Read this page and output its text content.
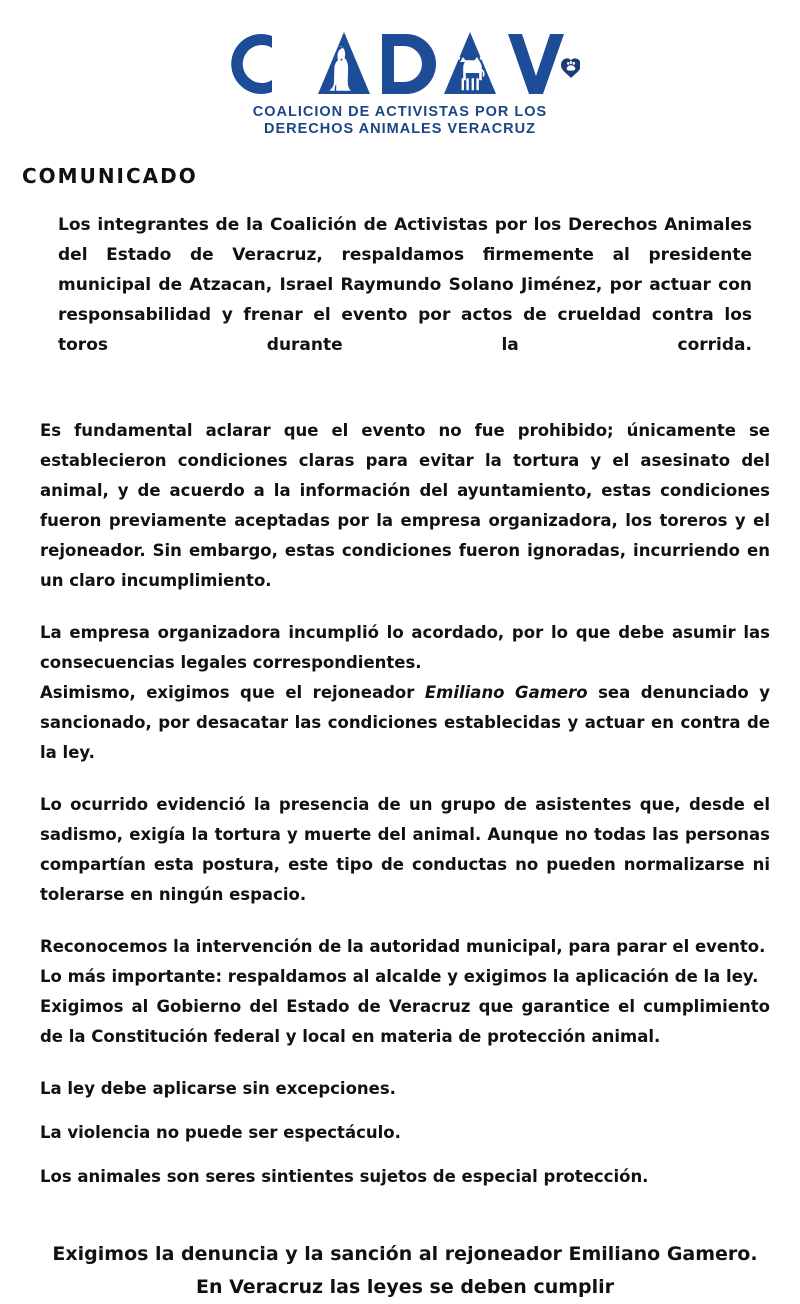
COALICION DE ACTIVISTAS POR LOS
DERECHOS ANIMALES VERACRUZ
COMUNICADO

Los integrantes de la Coalición de Activistas por los Derechos Animales del Estado de Veracruz, respaldamos firmemente al presidente municipal de Atzacan, Israel Raymundo Solano Jiménez, por actuar con responsabilidad y frenar el evento por actos de crueldad contra los toros durante la corrida.

Es fundamental aclarar que el evento no fue prohibido; únicamente se establecieron condiciones claras para evitar la tortura y el asesinato del animal, y de acuerdo a la información del ayuntamiento, estas condiciones fueron previamente aceptadas por la empresa organizadora, los toreros y el rejoneador. Sin embargo, estas condiciones fueron ignoradas, incurriendo en un claro incumplimiento.

La empresa organizadora incumplió lo acordado, por lo que debe asumir las consecuencias legales correspondientes.

Asimismo, exigimos que el rejoneador Emiliano Gamero sea denunciado y sancionado, por desacatar las condiciones establecidas y actuar en contra de la ley.

Lo ocurrido evidenció la presencia de un grupo de asistentes que, desde el sadismo, exigía la tortura y muerte del animal. Aunque no todas las personas compartían esta postura, este tipo de conductas no pueden normalizarse ni tolerarse en ningún espacio.

Reconocemos la intervención de la autoridad municipal, para parar el evento.

Lo más importante: respaldamos al alcalde y exigimos la aplicación de la ley.

Exigimos al Gobierno del Estado de Veracruz que garantice el cumplimiento de la Constitución federal y local en materia de protección animal.

La ley debe aplicarse sin excepciones.

La violencia no puede ser espectáculo.

Los animales son seres sintientes sujetos de especial protección.

Exigimos la denuncia y la sanción al rejoneador Emiliano Gamero.
En Veracruz las leyes se deben cumplir
